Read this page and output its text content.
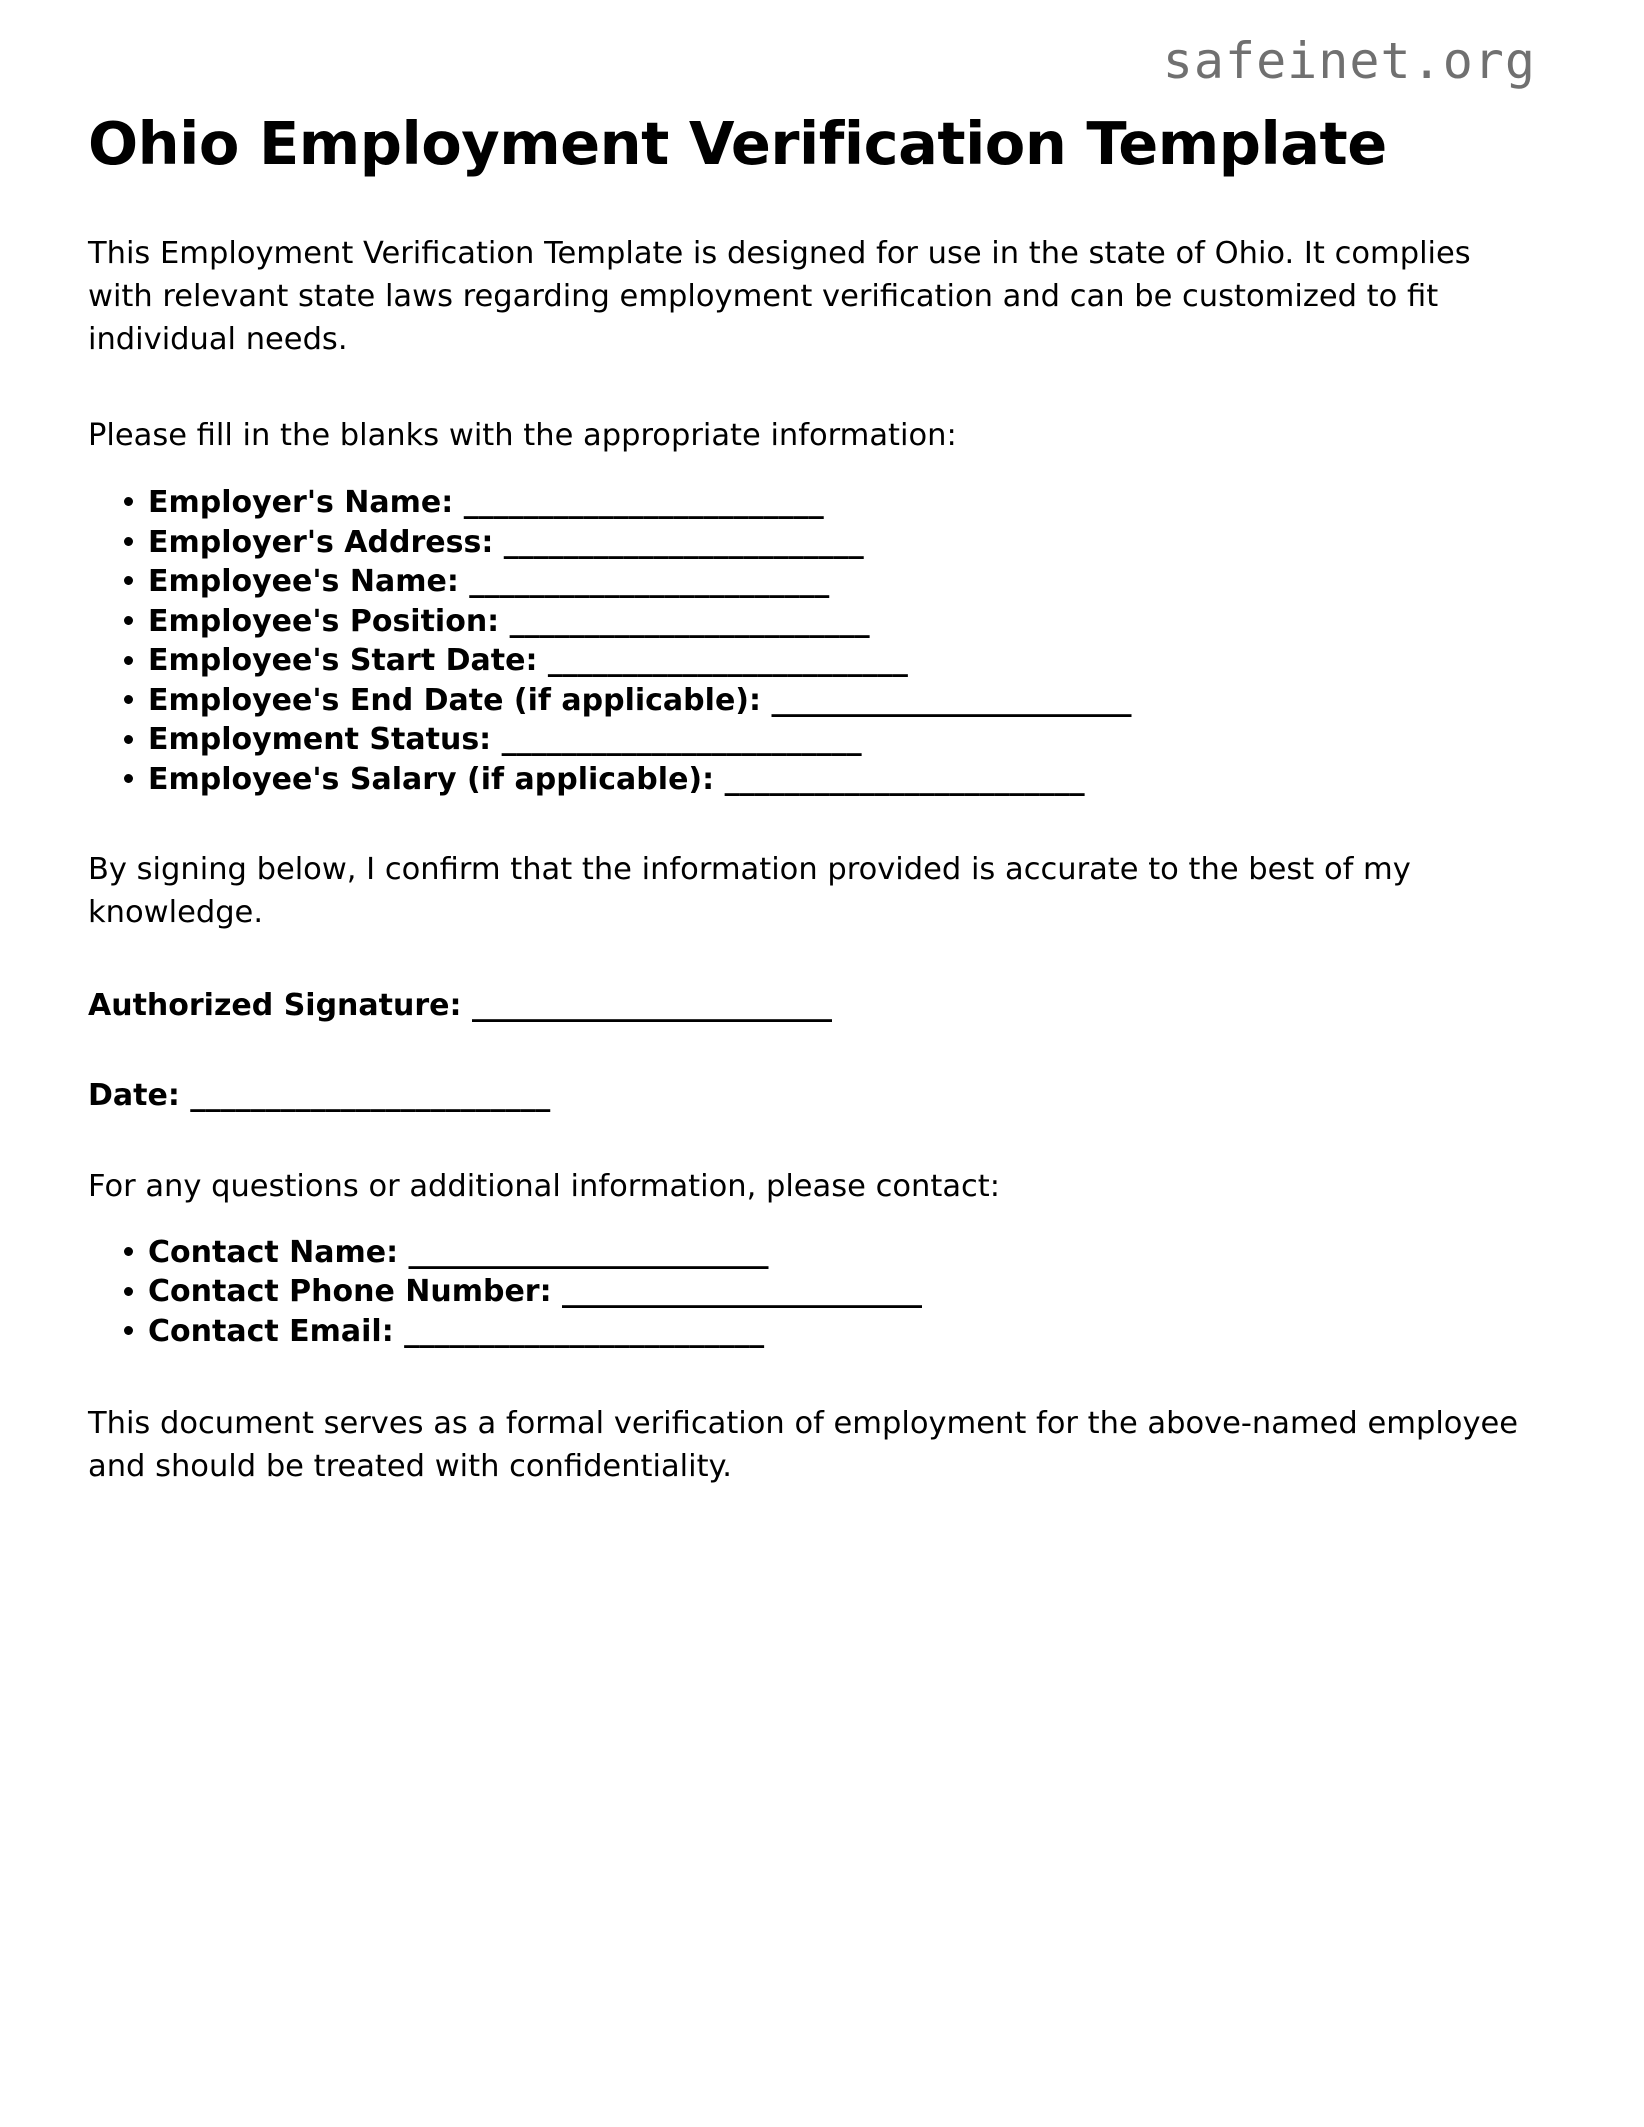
safeinet.org
Ohio Employment Verification Template

This Employment Verification Template is designed for use in the state of Ohio. It complies with relevant state laws regarding employment verification and can be customized to fit individual needs.

Please fill in the blanks with the appropriate information:

Employer's Name: ________________________
Employer's Address: ________________________
Employee's Name: ________________________
Employee's Position: ________________________
Employee's Start Date: ________________________
Employee's End Date (if applicable): ________________________
Employment Status: ________________________
Employee's Salary (if applicable): ________________________

By signing below, I confirm that the information provided is accurate to the best of my knowledge.

Authorized Signature: ________________________

Date: ________________________

For any questions or additional information, please contact:

Contact Name: ________________________
Contact Phone Number: ________________________
Contact Email: ________________________

This document serves as a formal verification of employment for the above-named employee and should be treated with confidentiality.
